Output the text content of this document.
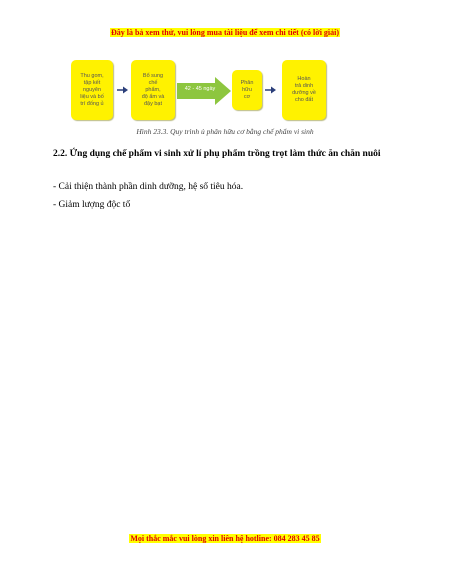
Đây là bả xem thử, vui lòng mua tài liệu để xem chi tiết (có lời giải)
Thu gom,
tập kết
nguyên
liệu và bố
trí đống ủ
Bổ sung
chế
phẩm,
độ ẩm và
đậy bạt
42 - 45 ngày
Phân
hữu
cơ
Hoàn
trả dinh
dưỡng về
cho đất
Hình 23.3. Quy trình ủ phân hữu cơ bằng chế phẩm vi sinh
2.2. Ứng dụng chế phẩm vi sinh xử lí phụ phẩm trồng trọt làm thức ăn chăn nuôi
- Cải thiện thành phần dinh dưỡng, hệ số tiêu hóa.
- Giảm lượng độc tố
Mọi thắc mắc vui lòng xin liên hệ hotline: 084 283 45 85
